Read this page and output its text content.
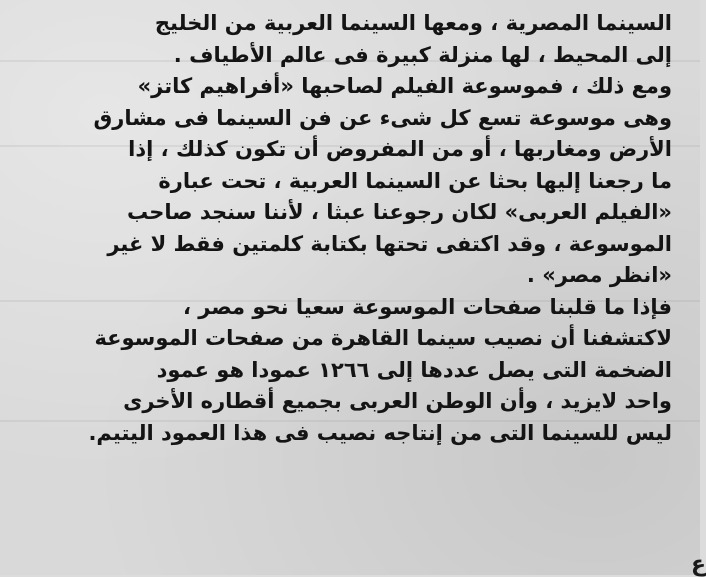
السينما المصرية ، ومعها السينما العربية من الخليج
إلى المحيط ، لها منزلة كبيرة فى عالم الأطياف .
ومع ذلك ، فموسوعة الفيلم لصاحبها «أفراهيم كاتز»
وهى موسوعة تسع كل شىء عن فن السينما فى مشارق
الأرض ومغاربها ، أو من المفروض أن تكون كذلك ، إذا
ما رجعنا إليها بحثا عن السينما العربية ، تحت عبارة
«الفيلم العربى» لكان رجوعنا عبثا ، لأننا سنجد صاحب
الموسوعة ، وقد اكتفى تحتها بكتابة كلمتين فقط لا غير
«انظر مصر» .
فإذا ما قلبنا صفحات الموسوعة سعيا نحو مصر ،
لاكتشفنا أن نصيب سينما القاهرة من صفحات الموسوعة
الضخمة التى يصل عددها إلى ١٢٦٦ عمودا هو عمود
واحد لايزيد ، وأن الوطن العربى بجميع أقطاره الأخرى
ليس للسينما التى من إنتاجه نصيب فى هذا العمود اليتيم.
ع
